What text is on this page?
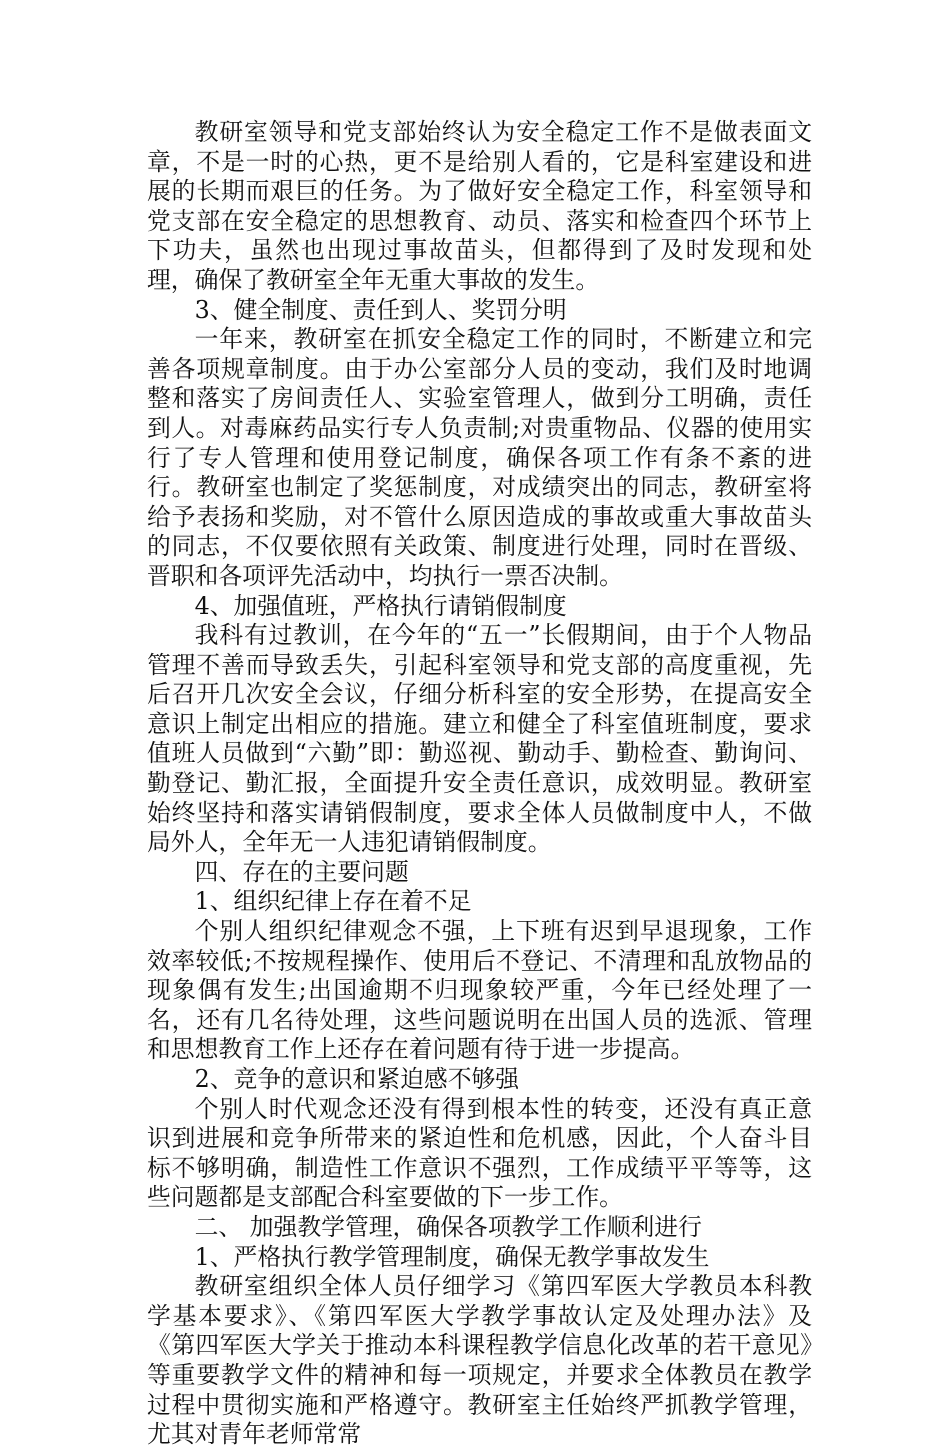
教研室领导和党支部始终认为安全稳定工作不是做表面文章，不是一时的心热，更不是给别人看的，它是科室建设和进展的长期而艰巨的任务。为了做好安全稳定工作，科室领导和党支部在安全稳定的思想教育、动员、落实和检查四个环节上下功夫，虽然也出现过事故苗头，但都得到了及时发现和处理，确保了教研室全年无重大事故的发生。

3、健全制度、责任到人、奖罚分明

一年来，教研室在抓安全稳定工作的同时，不断建立和完善各项规章制度。由于办公室部分人员的变动，我们及时地调整和落实了房间责任人、实验室管理人，做到分工明确，责任到人。对毒麻药品实行专人负责制;对贵重物品、仪器的使用实行了专人管理和使用登记制度，确保各项工作有条不紊的进行。教研室也制定了奖惩制度，对成绩突出的同志，教研室将给予表扬和奖励，对不管什么原因造成的事故或重大事故苗头的同志，不仅要依照有关政策、制度进行处理，同时在晋级、晋职和各项评先活动中，均执行一票否决制。

4、加强值班，严格执行请销假制度

我科有过教训，在今年的“五一”长假期间，由于个人物品管理不善而导致丢失，引起科室领导和党支部的高度重视，先后召开几次安全会议，仔细分析科室的安全形势，在提高安全意识上制定出相应的措施。建立和健全了科室值班制度，要求值班人员做到“六勤”即：勤巡视、勤动手、勤检查、勤询问、勤登记、勤汇报，全面提升安全责任意识，成效明显。教研室始终坚持和落实请销假制度，要求全体人员做制度中人，不做局外人，全年无一人违犯请销假制度。

四、存在的主要问题

1、组织纪律上存在着不足

个别人组织纪律观念不强，上下班有迟到早退现象，工作效率较低;不按规程操作、使用后不登记、不清理和乱放物品的现象偶有发生;出国逾期不归现象较严重，今年已经处理了一名，还有几名待处理，这些问题说明在出国人员的选派、管理和思想教育工作上还存在着问题有待于进一步提高。

2、竞争的意识和紧迫感不够强

个别人时代观念还没有得到根本性的转变，还没有真正意识到进展和竞争所带来的紧迫性和危机感，因此，个人奋斗目标不够明确，制造性工作意识不强烈，工作成绩平平等等，这些问题都是支部配合科室要做的下一步工作。

二、 加强教学管理，确保各项教学工作顺利进行

1、严格执行教学管理制度，确保无教学事故发生

教研室组织全体人员仔细学习《第四军医大学教员本科教学基本要求》、《第四军医大学教学事故认定及处理办法》及《第四军医大学关于推动本科课程教学信息化改革的若干意见》等重要教学文件的精神和每一项规定，并要求全体教员在教学过程中贯彻实施和严格遵守。教研室主任始终严抓教学管理，尤其对青年老师常常
